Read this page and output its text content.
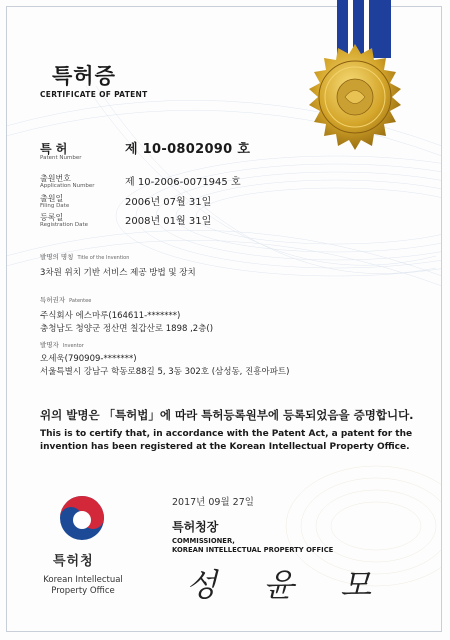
특허증
CERTIFICATE OF PATENT
특 허
Patent Number
제 10-0802090 호
출원번호
Application Number	제 10-2006-0071945 호
출원일
Filing Date	2006년 07월 31일
등록일
Registration Date	2008년 01월 31일
발명의 명칭 Title of the Invention
3차원 위치 기반 서비스 제공 방법 및 장치
특허권자 Patentee
주식회사 에스마루(164611-*******)
충청남도 청양군 정산면 칠갑산로 1898 ,2층()
발명자 Inventor
오세욱(790909-*******)
서울특별시 강남구 학동로88길 5, 3동 302호 (삼성동, 진흥아파트)
위의 발명은 「특허법」에 따라 특허등록원부에 등록되었음을 증명합니다.
This is to certify that, in accordance with the Patent Act, a patent for the invention has been registered at the Korean Intellectual Property Office.
2017년 09월 27일
특허청장
COMMISSIONER,
KOREAN INTELLECTUAL PROPERTY OFFICE
특허청
Korean Intellectual Property Office	성 윤 모
